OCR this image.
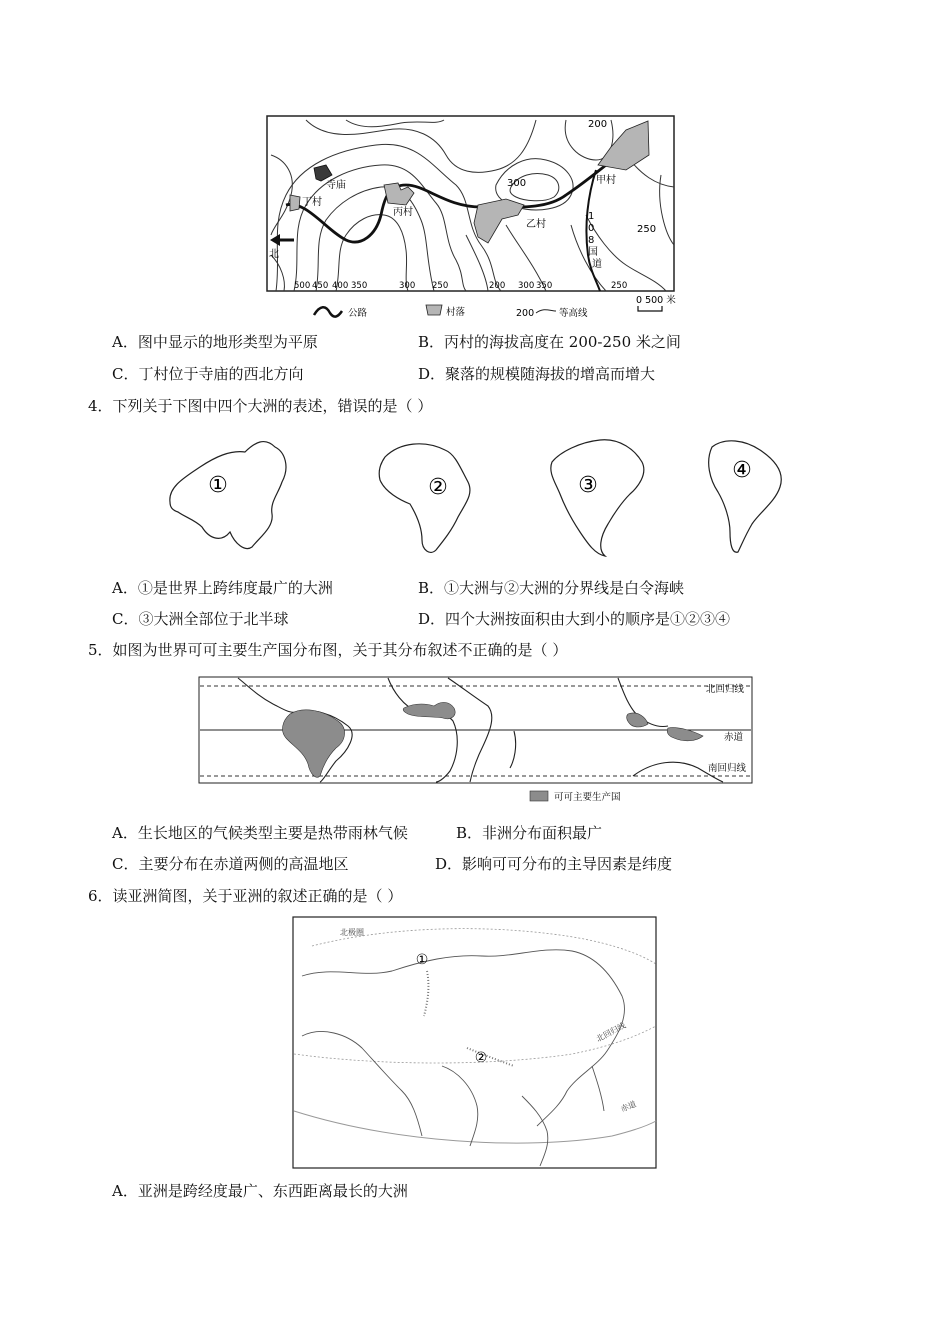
寺庙
丁村
丙村
乙村
甲村
北
300
200
250
1
0
8
国
道
500 450 400 350	300 250	200 300 350	250
公路	村落	200	等高线
0 500 米
A．图中显示的地形类型为平原	B．丙村的海拔高度在 200-250 米之间
C．丁村位于寺庙的西北方向	D．聚落的规模随海拔的增高而增大
4．下列关于下图中四个大洲的表述，错误的是（ ）
①	②	③
④
A．①是世界上跨纬度最广的大洲	B．①大洲与②大洲的分界线是白令海峡
C．③大洲全部位于北半球	D．四个大洲按面积由大到小的顺序是①②③④
5．如图为世界可可主要生产国分布图，关于其分布叙述不正确的是（ ）
北回归线
赤道
南回归线
可可主要生产国
A．生长地区的气候类型主要是热带雨林气候	B．非洲分布面积最广
C．主要分布在赤道两侧的高温地区	D．影响可可分布的主导因素是纬度
6．读亚洲简图，关于亚洲的叙述正确的是（ ）
北极圈
北回归线
赤道
①
②
A．亚洲是跨经度最广、东西距离最长的大洲
